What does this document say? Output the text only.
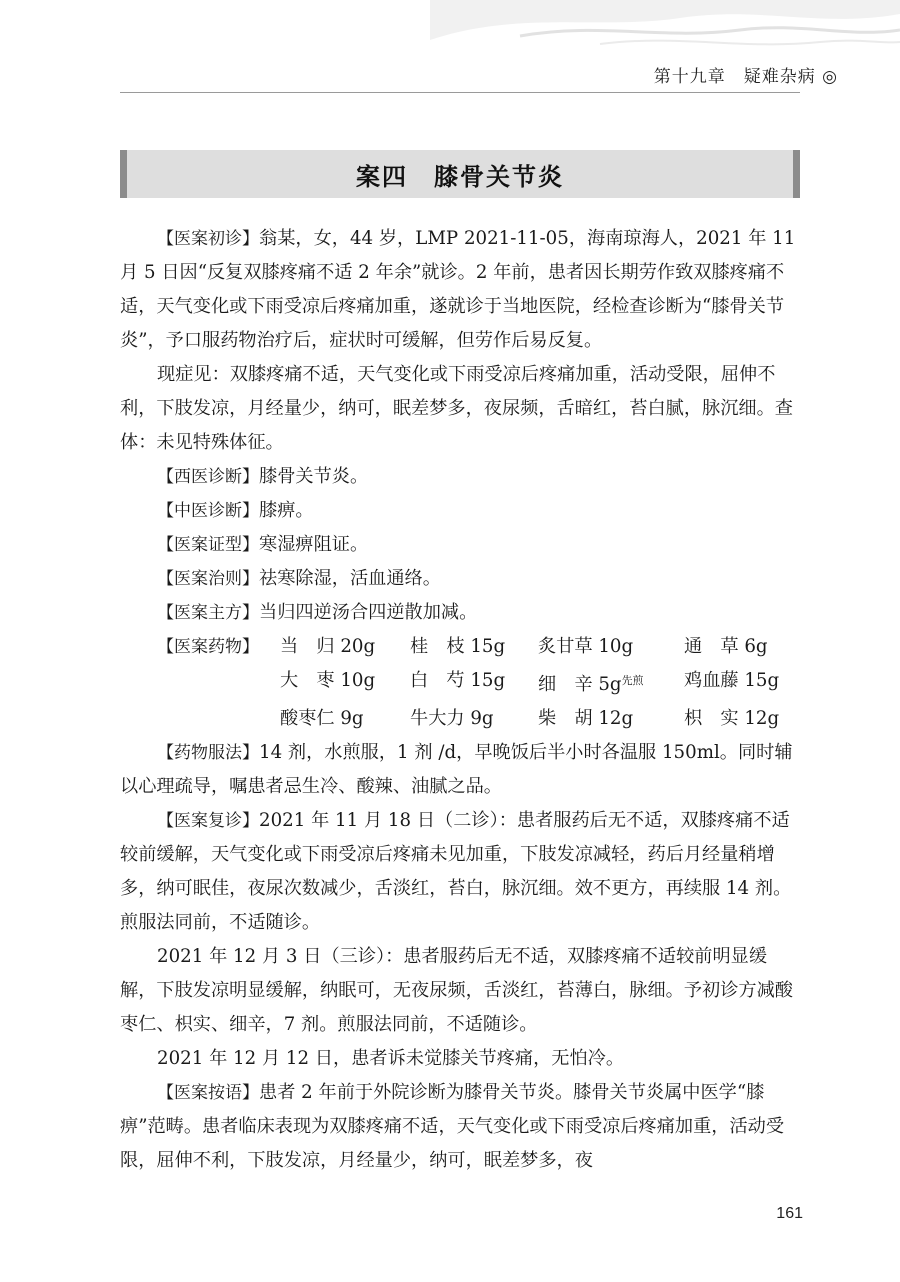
第十九章　疑难杂病 ◎
案四　膝骨关节炎

【医案初诊】翁某，女，44 岁，LMP 2021-11-05，海南琼海人，2021 年 11 月 5 日因“反复双膝疼痛不适 2 年余”就诊。2 年前，患者因长期劳作致双膝疼痛不适，天气变化或下雨受凉后疼痛加重，遂就诊于当地医院，经检查诊断为“膝骨关节炎”，予口服药物治疗后，症状时可缓解，但劳作后易反复。

现症见：双膝疼痛不适，天气变化或下雨受凉后疼痛加重，活动受限，屈伸不利，下肢发凉，月经量少，纳可，眠差梦多，夜尿频，舌暗红，苔白腻，脉沉细。查体：未见特殊体征。

【西医诊断】膝骨关节炎。

【中医诊断】膝痹。

【医案证型】寒湿痹阻证。

【医案治则】祛寒除湿，活血通络。

【医案主方】当归四逆汤合四逆散加减。

【医案药物】	当　归 20g	桂　枝 15g	炙甘草 10g	通　草 6g
大　枣 10g	白　芍 15g	细　辛 5g$^{先煎}$	鸡血藤 15g
酸枣仁 9g	牛大力 9g	柴　胡 12g	枳　实 12g

【药物服法】14 剂，水煎服，1 剂 /d，早晚饭后半小时各温服 150ml。同时辅以心理疏导，嘱患者忌生冷、酸辣、油腻之品。

【医案复诊】2021 年 11 月 18 日（二诊）：患者服药后无不适，双膝疼痛不适较前缓解，天气变化或下雨受凉后疼痛未见加重，下肢发凉减轻，药后月经量稍增多，纳可眠佳，夜尿次数减少，舌淡红，苔白，脉沉细。效不更方，再续服 14 剂。煎服法同前，不适随诊。

2021 年 12 月 3 日（三诊）：患者服药后无不适，双膝疼痛不适较前明显缓解，下肢发凉明显缓解，纳眠可，无夜尿频，舌淡红，苔薄白，脉细。予初诊方减酸枣仁、枳实、细辛，7 剂。煎服法同前，不适随诊。

2021 年 12 月 12 日，患者诉未觉膝关节疼痛，无怕冷。

【医案按语】患者 2 年前于外院诊断为膝骨关节炎。膝骨关节炎属中医学“膝痹”范畴。患者临床表现为双膝疼痛不适，天气变化或下雨受凉后疼痛加重，活动受限，屈伸不利，下肢发凉，月经量少，纳可，眠差梦多，夜

161
